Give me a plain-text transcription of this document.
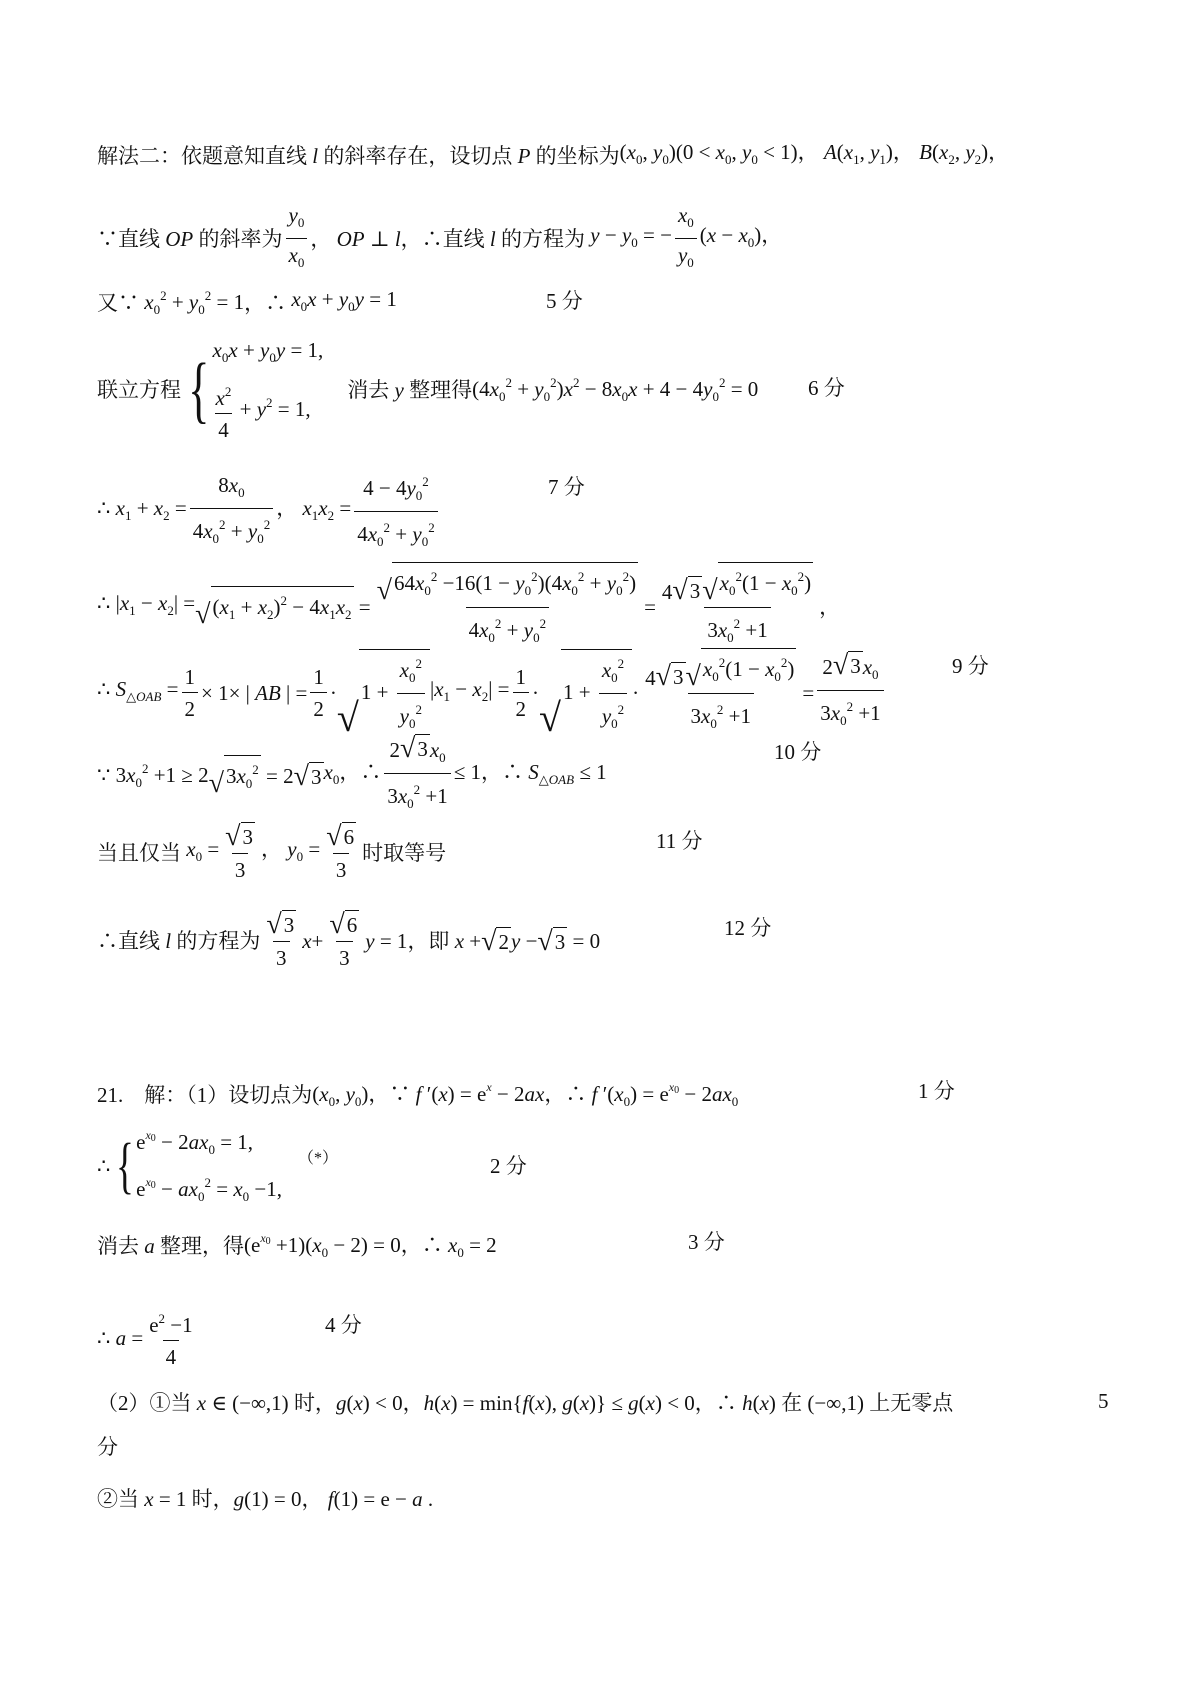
解法二：依题意知直线 l 的斜率存在，设切点 P 的坐标为 ($x_0$, $y_0)(0 < x_0$, $y_0 < 1$)， $A(x_1$, $y_1$)， $B(x_2$, $y_2$)，
∵直线 OP 的斜率为 $\frac{y_0}{x_0}$ ， OP ⊥ l ，∴直线 l 的方程为 $y - y_0$ = − $\frac{x_0}{y_0} (x - x_0)$，
又∵ $x_0^2 + y_0^2 = 1$ ，∴ $x_0x + y_0y = 1$	5 分
联立方程 { $x_0x + y_0y = 1$,
$\frac{x^2}{4} + y^2 = 1$,
消去 y 整理得 $(4x_0^2 + y_0^2)x^2 - 8x_0x + 4 - 4y_0^2 = 0$ 6 分
∴ $x_1 + x_2 = \frac{8x_0}{4x_0^2 + y_0^2}$ ， $x_1x_2 = \frac{4 - 4y_0^2}{4x_0^2 + y_0^2}$	7 分
∴ $|x_1 - x_2|$ = √ $(x_1 + x_2)^2 - 4x_1x_2 = \frac{√ 64x_0^2 -16(1 - y_0^2)(4x_0^2 + y_0^2)}{4x_0^2 + y_0^2} = \frac{4 √ 3 √ x_0^2(1 - x_0^2)}{3x_0^2 +1}$ ，
∴ $S_{\triangle OAB} = \frac{1}{2} \times 1\times$ | AB | = $\frac{1}{2}$ ·
√
$1 + \frac{x_0^2}{y_0^2} |x_1 - x_2| = \frac{1}{2}$ ·
√
$1 + \frac{x_0^2}{y_0^2} \cdot \frac{4 √ 3 √ x_0^2(1 - x_0^2)}{3x_0^2 +1} = \frac{2 √ 3 x_0}{3x_0^2 +1}$	9 分
∵ $3x_0^2 +1 \ge 2$ √ $3x_0^2 = 2$ √ 3 $x_0$，∴ $\frac{2 √ 3 x_0}{3x_0^2 +1} \le 1$，∴ $S_{\triangle OAB} \le 1$
10 分
当且仅当 $x_0 = \frac{√ 3}{3}$ ， $y_0 = \frac{√ 6}{3}$ 时取等号	11 分
∴直线 l 的方程为 $\frac{√ 3}{3}$ $x + \frac{√ 6}{3}$ y = 1 ，即 x + √ 2 y − √ 3 = 0
12 分
21.　解：（1）设切点为 ($x_0$, $y_0$)，∵ f $'(x) = e^x - 2ax$，∴ f $'(x_0) = e^{x0} - 2ax_0$	1 分
∴ { $e^{x0} - 2ax_0 = 1$,
$e^{x0} - ax_0^2 = x_0 -1$,
（*）	2 分
消去 a 整理，得 $(e^{x0} +1)(x_0 - 2) = 0$，∴ $x_0 = 2$	3 分
∴ $a = \frac{e^2 -1}{4}$	4 分
（2）①当 x ∈ (−∞,1) 时， g(x) < 0，h(x) = min{f(x), g(x)} ≤ g(x) < 0，∴ h(x) 在 (−∞,1) 上无零点	5
分
②当 x = 1 时， g(1) = 0， f(1) = e − a .
